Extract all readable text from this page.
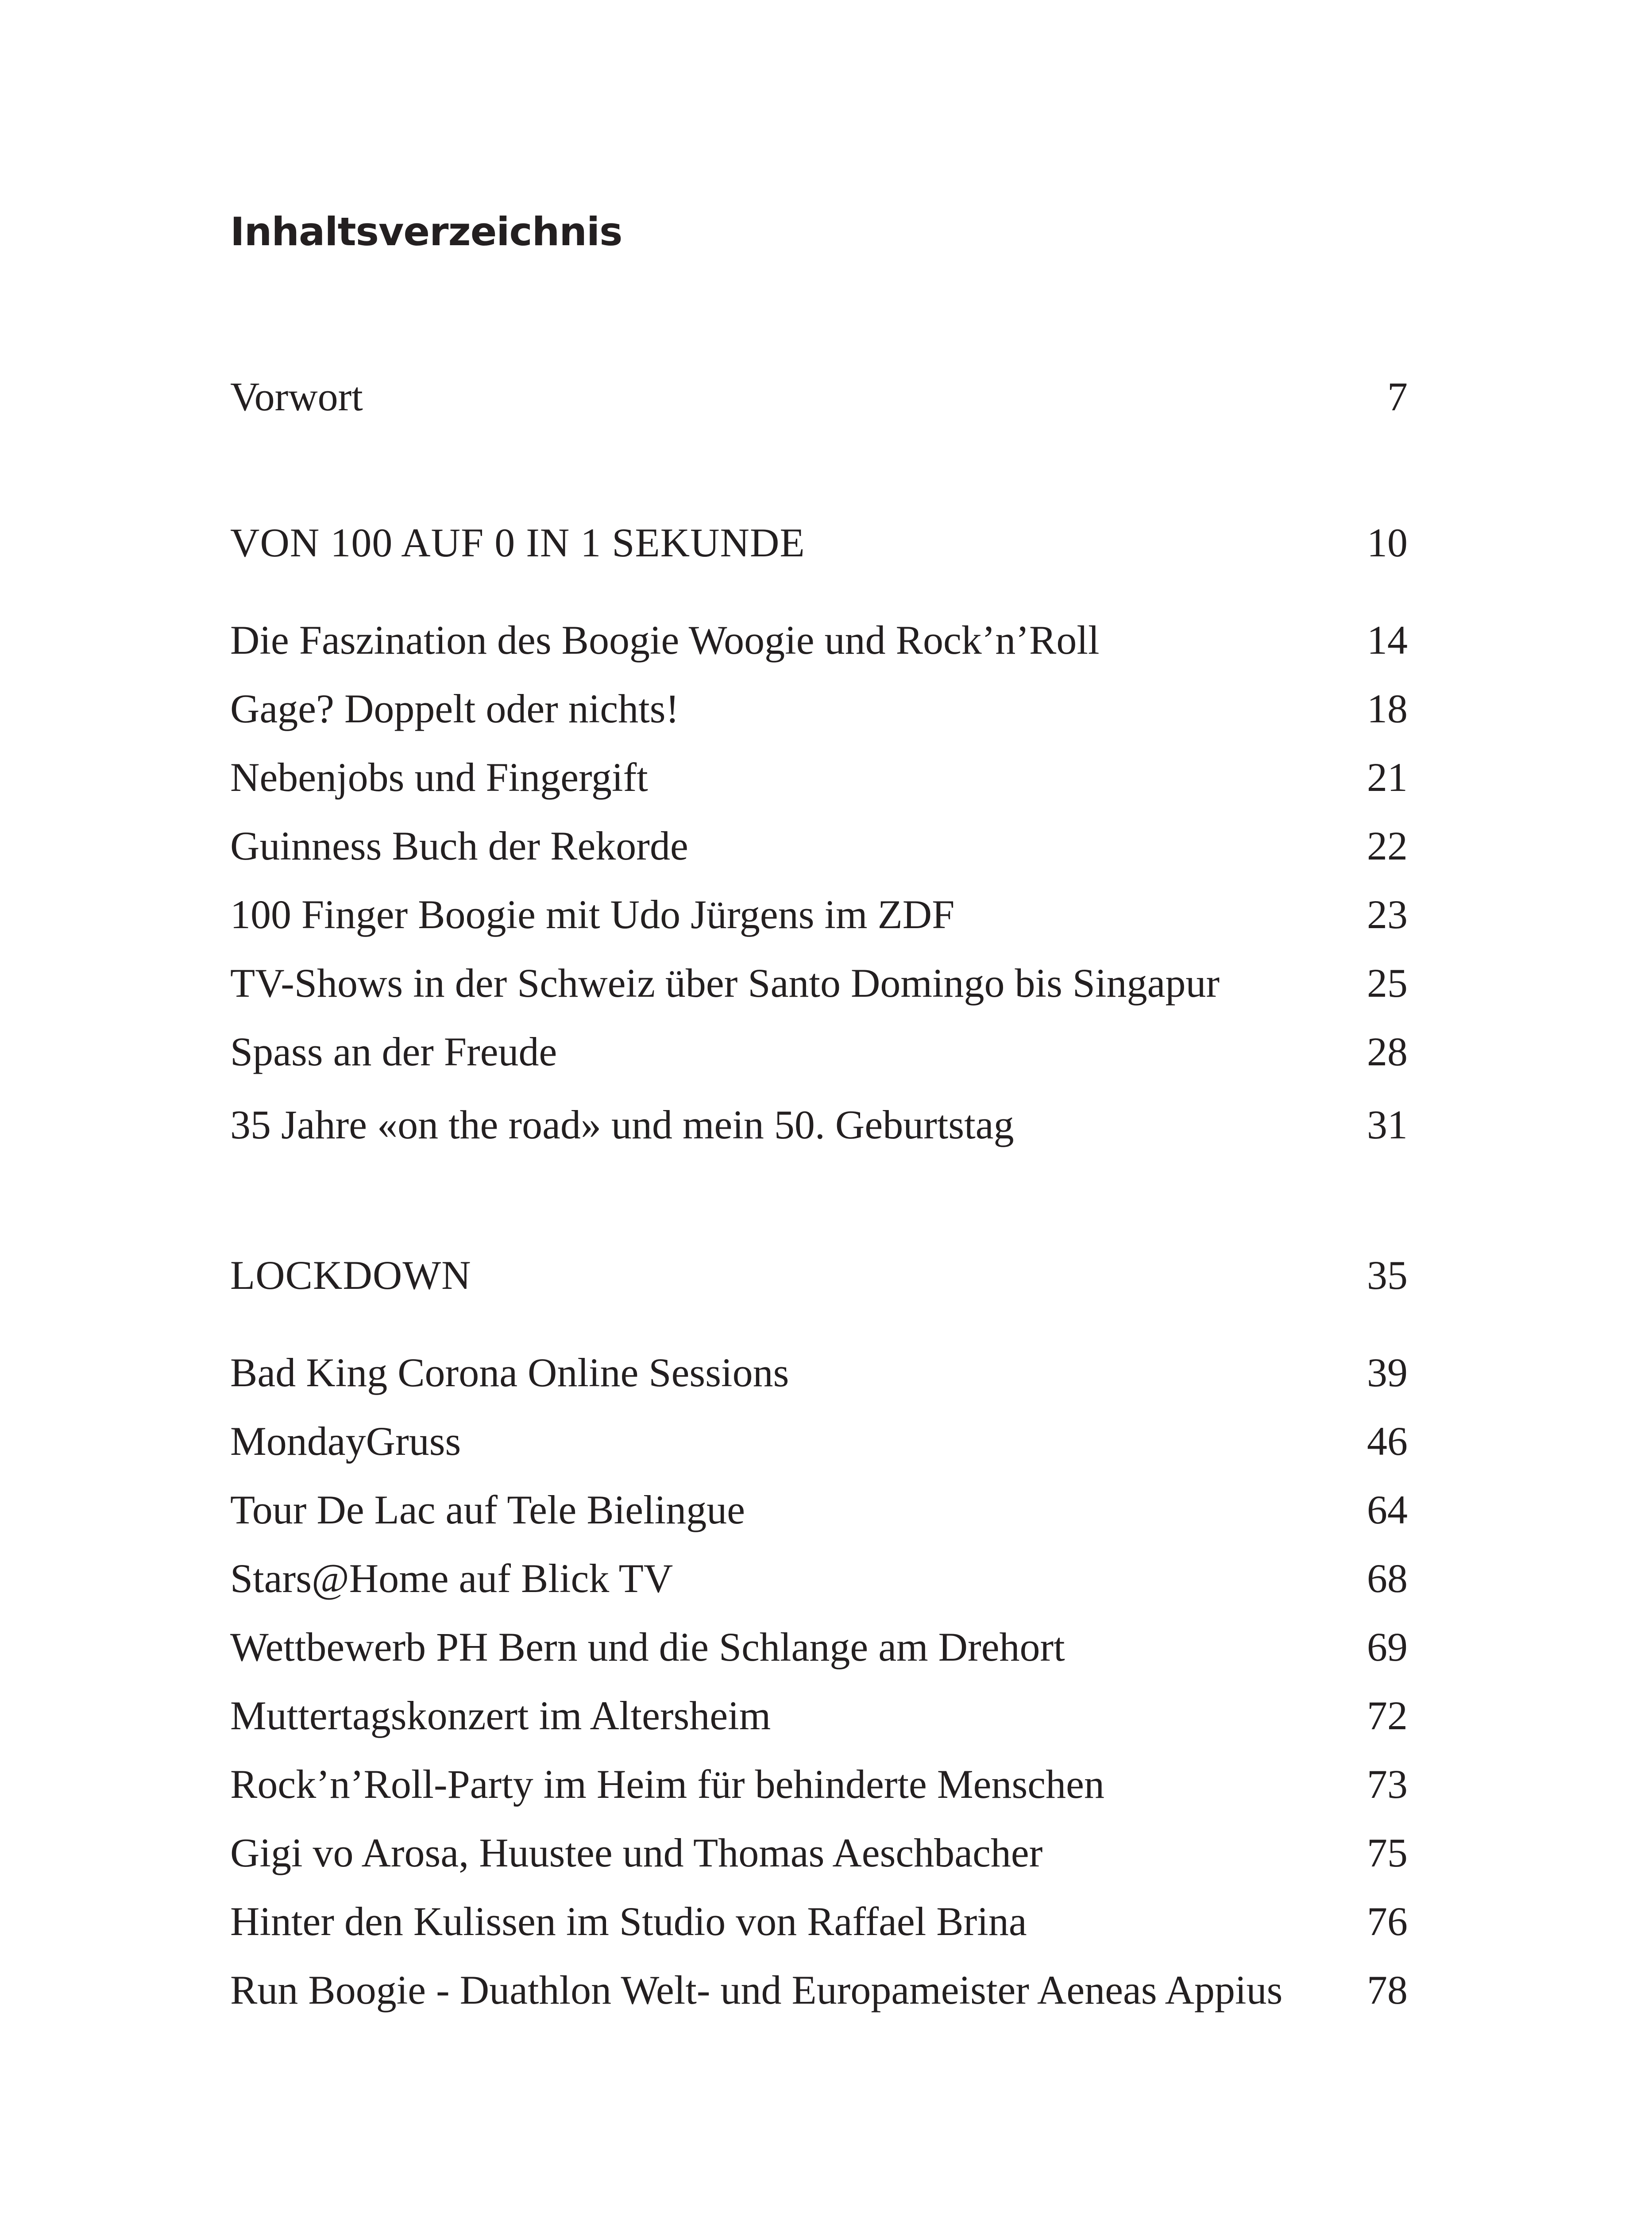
Inhaltsverzeichnis
Vorwort	7
VON 100 AUF 0 IN 1 SEKUNDE	10
Die Faszination des Boogie Woogie und Rock’n’Roll	14
Gage? Doppelt oder nichts!	18
Nebenjobs und Fingergift	21
Guinness Buch der Rekorde	22
100 Finger Boogie mit Udo Jürgens im ZDF	23
TV-Shows in der Schweiz über Santo Domingo bis Singapur	25
Spass an der Freude	28
35 Jahre «on the road» und mein 50. Geburtstag	31
LOCKDOWN	35
Bad King Corona Online Sessions	39
MondayGruss	46
Tour De Lac auf Tele Bielingue	64
Stars@Home auf Blick TV	68
Wettbewerb PH Bern und die Schlange am Drehort	69
Muttertagskonzert im Altersheim	72
Rock’n’Roll-Party im Heim für behinderte Menschen	73
Gigi vo Arosa, Huustee und Thomas Aeschbacher	75
Hinter den Kulissen im Studio von Raffael Brina	76
Run Boogie - Duathlon Welt- und Europameister Aeneas Appius 78
